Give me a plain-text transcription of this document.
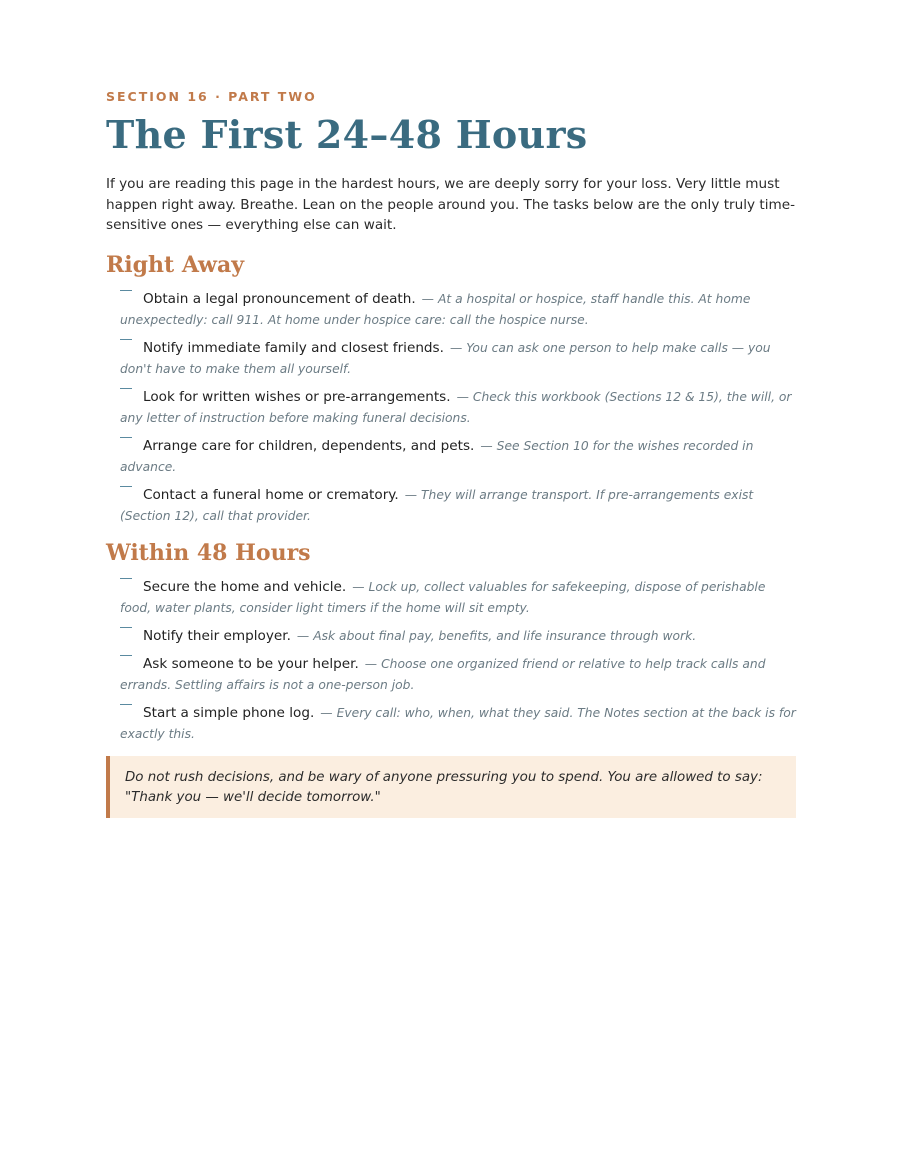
SECTION 16 · PART TWO
The First 24–48 Hours

If you are reading this page in the hardest hours, we are deeply sorry for your loss. Very little must happen right away. Breathe. Lean on the people around you. The tasks below are the only truly time-sensitive ones — everything else can wait.

Right Away
Obtain a legal pronouncement of death. — At a hospital or hospice, staff handle this. At home unexpectedly: call 911. At home under hospice care: call the hospice nurse.
Notify immediate family and closest friends. — You can ask one person to help make calls — you don't have to make them all yourself.
Look for written wishes or pre-arrangements. — Check this workbook (Sections 12 & 15), the will, or any letter of instruction before making funeral decisions.
Arrange care for children, dependents, and pets. — See Section 10 for the wishes recorded in advance.
Contact a funeral home or crematory. — They will arrange transport. If pre-arrangements exist (Section 12), call that provider.
Within 48 Hours
Secure the home and vehicle. — Lock up, collect valuables for safekeeping, dispose of perishable food, water plants, consider light timers if the home will sit empty.
Notify their employer. — Ask about final pay, benefits, and life insurance through work.
Ask someone to be your helper. — Choose one organized friend or relative to help track calls and errands. Settling affairs is not a one-person job.
Start a simple phone log. — Every call: who, when, what they said. The Notes section at the back is for exactly this.
Do not rush decisions, and be wary of anyone pressuring you to spend. You are allowed to say: "Thank you — we'll decide tomorrow."
